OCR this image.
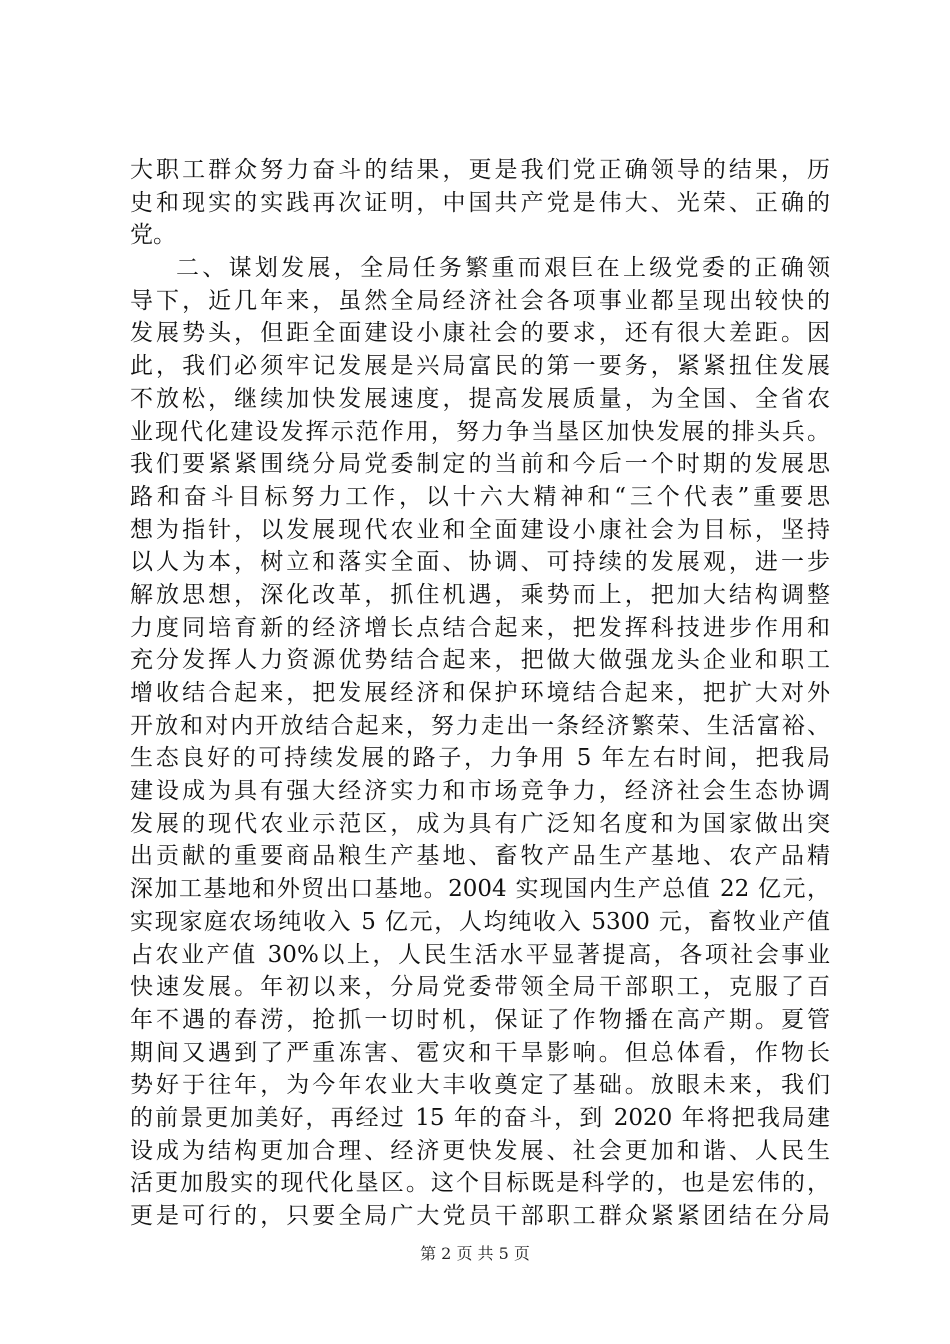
大职工群众努力奋斗的结果，更是我们党正确领导的结果，历
史和现实的实践再次证明，中国共产党是伟大、光荣、正确的
党。
二、谋划发展，全局任务繁重而艰巨在上级党委的正确领
导下，近几年来，虽然全局经济社会各项事业都呈现出较快的
发展势头，但距全面建设小康社会的要求，还有很大差距。因
此，我们必须牢记发展是兴局富民的第一要务，紧紧扭住发展
不放松，继续加快发展速度，提高发展质量，为全国、全省农
业现代化建设发挥示范作用，努力争当垦区加快发展的排头兵。
我们要紧紧围绕分局党委制定的当前和今后一个时期的发展思
路和奋斗目标努力工作，以十六大精神和“三个代表”重要思
想为指针，以发展现代农业和全面建设小康社会为目标，坚持
以人为本，树立和落实全面、协调、可持续的发展观，进一步
解放思想，深化改革，抓住机遇，乘势而上，把加大结构调整
力度同培育新的经济增长点结合起来，把发挥科技进步作用和
充分发挥人力资源优势结合起来，把做大做强龙头企业和职工
增收结合起来，把发展经济和保护环境结合起来，把扩大对外
开放和对内开放结合起来，努力走出一条经济繁荣、生活富裕、
生态良好的可持续发展的路子，力争用 5 年左右时间，把我局
建设成为具有强大经济实力和市场竞争力，经济社会生态协调
发展的现代农业示范区，成为具有广泛知名度和为国家做出突
出贡献的重要商品粮生产基地、畜牧产品生产基地、农产品精
深加工基地和外贸出口基地。2004 实现国内生产总值 22 亿元，
实现家庭农场纯收入 5 亿元，人均纯收入 5300 元，畜牧业产值
占农业产值 30%以上，人民生活水平显著提高，各项社会事业
快速发展。年初以来，分局党委带领全局干部职工，克服了百
年不遇的春涝，抢抓一切时机，保证了作物播在高产期。夏管
期间又遇到了严重冻害、雹灾和干旱影响。但总体看，作物长
势好于往年，为今年农业大丰收奠定了基础。放眼未来，我们
的前景更加美好，再经过 15 年的奋斗，到 2020 年将把我局建
设成为结构更加合理、经济更快发展、社会更加和谐、人民生
活更加殷实的现代化垦区。这个目标既是科学的，也是宏伟的，
更是可行的，只要全局广大党员干部职工群众紧紧团结在分局
第 2 页 共 5 页
